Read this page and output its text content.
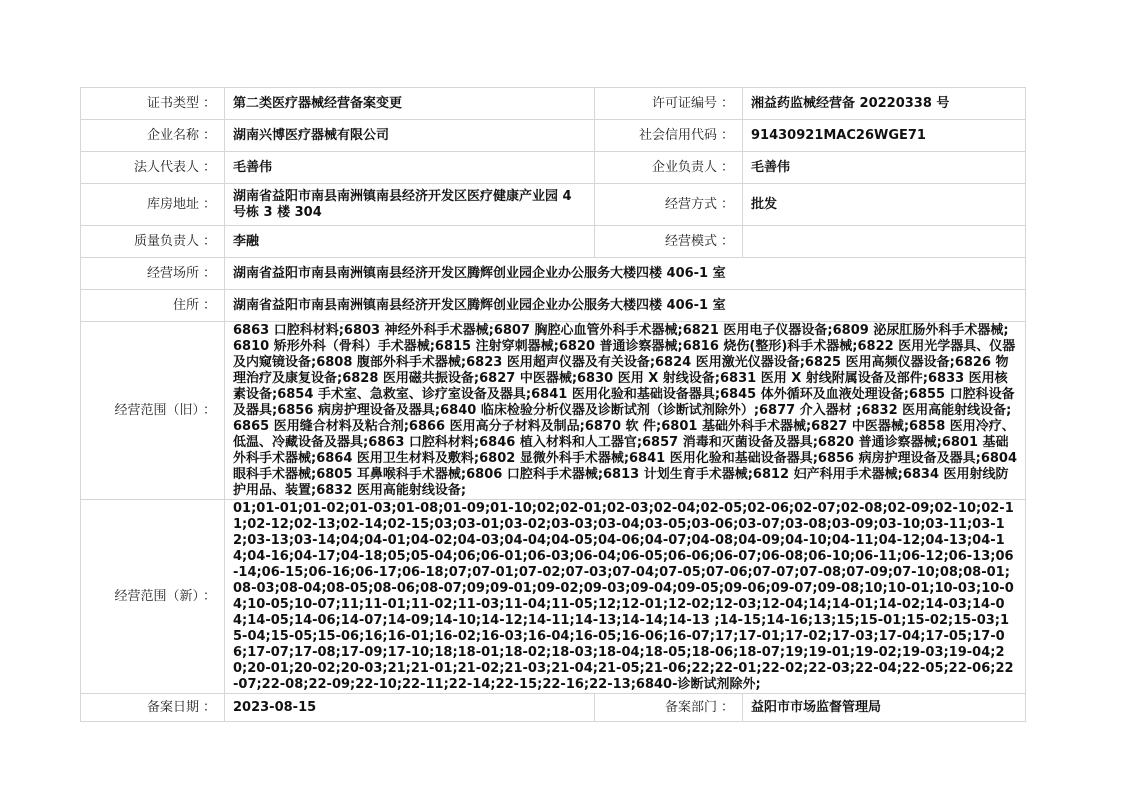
证书类型 ：	第二类医疗器械经营备案变更	许可证编号 ：	湘益药监械经营备 20220338 号
企业名称 ：	湖南兴博医疗器械有限公司	社会信用代码 ：	91430921MAC26WGE71
法人代表人 ：	毛善伟	企业负责人 ：	毛善伟
库房地址 ：	湖南省益阳市南县南洲镇南县经济开发区医疗健康产业园 4 号栋 3 楼 304	经营方式 ：	批发
质量负责人 ：	李融	经营模式 ：	
经营场所 ：	湖南省益阳市南县南洲镇南县经济开发区腾辉创业园企业办公服务大楼四楼 406-1 室		
住所 ：	湖南省益阳市南县南洲镇南县经济开发区腾辉创业园企业办公服务大楼四楼 406-1 室		
经营范围（旧） ：	6863 口腔科材料;6803 神经外科手术器械;6807 胸腔心血管外科手术器械;6821 医用电子仪器设备;6809 泌尿肛肠外科手术器械;6810 矫形外科（骨科）手术器械;6815 注射穿刺器械;6820 普通诊察器械;6816 烧伤(整形)科手术器械;6822 医用光学器具、仪器及内窥镜设备;6808 腹部外科手术器械;6823 医用超声仪器及有关设备;6824 医用激光仪器设备;6825 医用高频仪器设备;6826 物理治疗及康复设备;6828 医用磁共振设备;6827 中医器械;6830 医用 X 射线设备;6831 医用 X 射线附属设备及部件;6833 医用核素设备;6854 手术室、急救室、诊疗室设备及器具;6841 医用化验和基础设备器具;6845 体外循环及血液处理设备;6855 口腔科设备及器具;6856 病房护理设备及器具;6840 临床检验分析仪器及诊断试剂（诊断试剂除外）;6877 介入器材 ;6832 医用高能射线设备;6865 医用缝合材料及粘合剂;6866 医用高分子材料及制品;6870 软 件;6801 基础外科手术器械;6827 中医器械;6858 医用冷疗、低温、冷藏设备及器具;6863 口腔科材料;6846 植入材料和人工器官;6857 消毒和灭菌设备及器具;6820 普通诊察器械;6801 基础外科手术器械;6864 医用卫生材料及敷料;6802 显微外科手术器械;6841 医用化验和基础设备器具;6856 病房护理设备及器具;6804 眼科手术器械;6805 耳鼻喉科手术器械;6806 口腔科手术器械;6813 计划生育手术器械;6812 妇产科用手术器械;6834 医用射线防护用品、装置;6832 医用高能射线设备;		
经营范围（新） ：	01;01-01;01-02;01-03;01-08;01-09;01-10;02;02-01;02-03;02-04;02-05;02-06;02-07;02-08;02-09;02-10;02-11;02-12;02-13;02-14;02-15;03;03-01;03-02;03-03;03-04;03-05;03-06;03-07;03-08;03-09;03-10;03-11;03-12;03-13;03-14;04;04-01;04-02;04-03;04-04;04-05;04-06;04-07;04-08;04-09;04-10;04-11;04-12;04-13;04-14;04-16;04-17;04-18;05;05-04;06;06-01;06-03;06-04;06-05;06-06;06-07;06-08;06-10;06-11;06-12;06-13;06-14;06-15;06-16;06-17;06-18;07;07-01;07-02;07-03;07-04;07-05;07-06;07-07;07-08;07-09;07-10;08;08-01;08-03;08-04;08-05;08-06;08-07;09;09-01;09-02;09-03;09-04;09-05;09-06;09-07;09-08;10;10-01;10-03;10-04;10-05;10-07;11;11-01;11-02;11-03;11-04;11-05;12;12-01;12-02;12-03;12-04;14;14-01;14-02;14-03;14-04;14-05;14-06;14-07;14-09;14-10;14-12;14-11;14-13;14-14;14-13 ;14-15;14-16;13;15;15-01;15-02;15-03;15-04;15-05;15-06;16;16-01;16-02;16-03;16-04;16-05;16-06;16-07;17;17-01;17-02;17-03;17-04;17-05;17-06;17-07;17-08;17-09;17-10;18;18-01;18-02;18-03;18-04;18-05;18-06;18-07;19;19-01;19-02;19-03;19-04;20;20-01;20-02;20-03;21;21-01;21-02;21-03;21-04;21-05;21-06;22;22-01;22-02;22-03;22-04;22-05;22-06;22-07;22-08;22-09;22-10;22-11;22-14;22-15;22-16;22-13;6840-诊断试剂除外;		
备案日期 ：	2023-08-15	备案部门 ：	益阳市市场监督管理局
